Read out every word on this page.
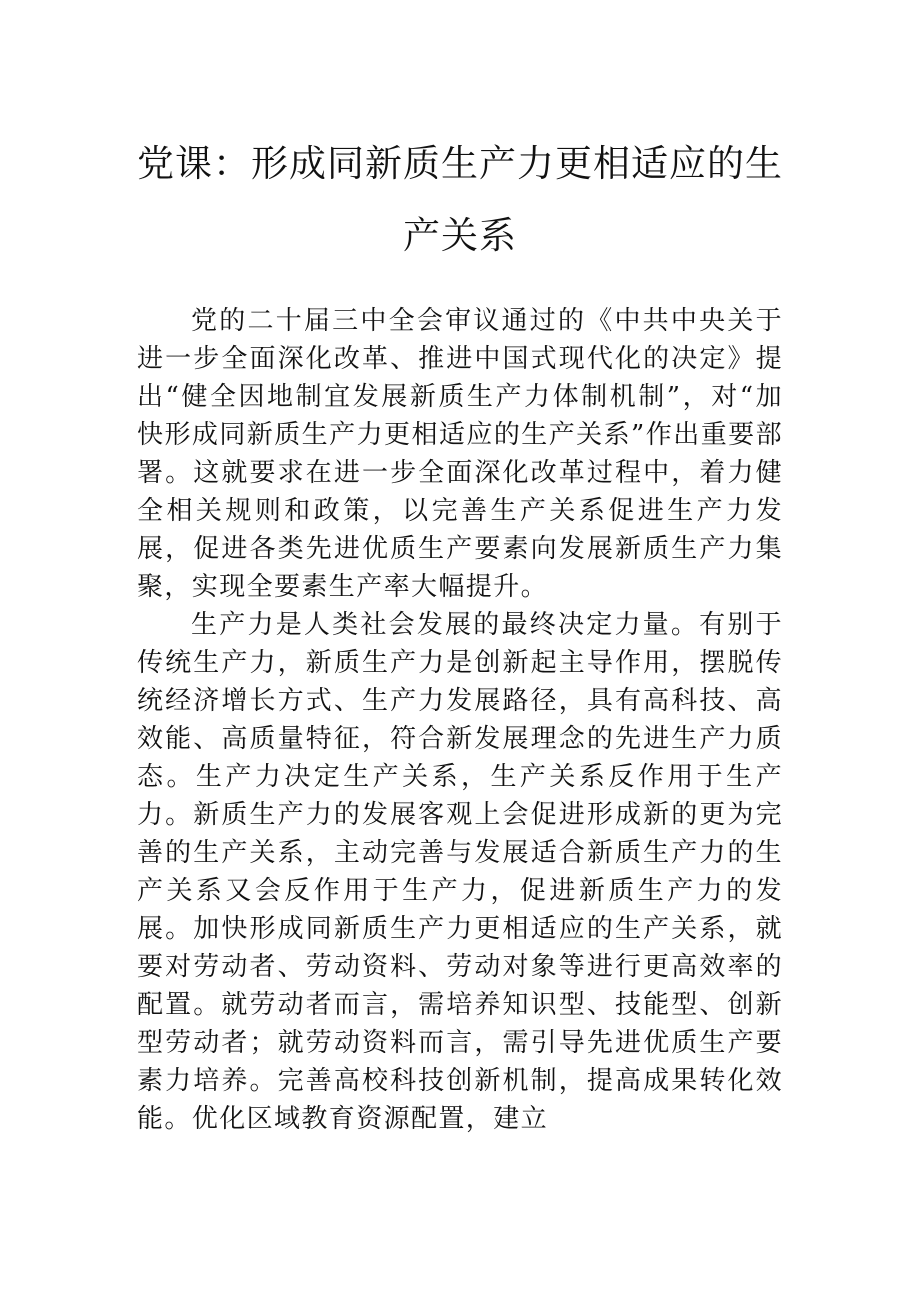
党课：形成同新质生产力更相适应的生产关系

党的二十届三中全会审议通过的《中共中央关于进一步全面深化改革、推进中国式现代化的决定》提出“健全因地制宜发展新质生产力体制机制”，对“加快形成同新质生产力更相适应的生产关系”作出重要部署。这就要求在进一步全面深化改革过程中，着力健全相关规则和政策，以完善生产关系促进生产力发展，促进各类先进优质生产要素向发展新质生产力集聚，实现全要素生产率大幅提升。

生产力是人类社会发展的最终决定力量。有别于传统生产力，新质生产力是创新起主导作用，摆脱传统经济增长方式、生产力发展路径，具有高科技、高效能、高质量特征，符合新发展理念的先进生产力质态。生产力决定生产关系，生产关系反作用于生产力。新质生产力的发展客观上会促进形成新的更为完善的生产关系，主动完善与发展适合新质生产力的生产关系又会反作用于生产力，促进新质生产力的发展。加快形成同新质生产力更相适应的生产关系，就要对劳动者、劳动资料、劳动对象等进行更高效率的配置。就劳动者而言，需培养知识型、技能型、创新型劳动者；就劳动资料而言，需引导先进优质生产要素力培养。完善高校科技创新机制，提高成果转化效能。优化区域教育资源配置，建立
